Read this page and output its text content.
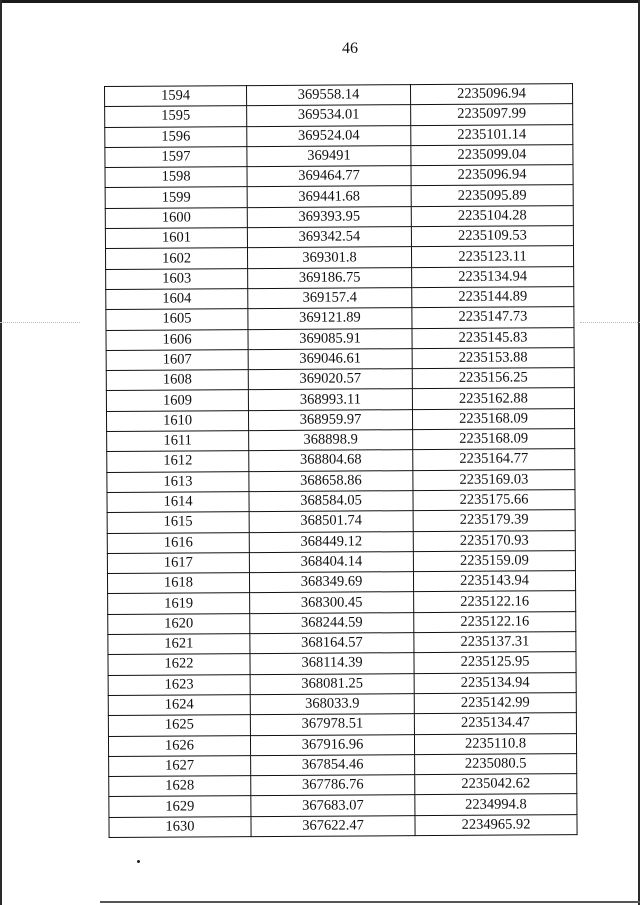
46
1594	369558.14	2235096.94
1595	369534.01	2235097.99
1596	369524.04	2235101.14
1597	369491	2235099.04
1598	369464.77	2235096.94
1599	369441.68	2235095.89
1600	369393.95	2235104.28
1601	369342.54	2235109.53
1602	369301.8	2235123.11
1603	369186.75	2235134.94
1604	369157.4	2235144.89
1605	369121.89	2235147.73
1606	369085.91	2235145.83
1607	369046.61	2235153.88
1608	369020.57	2235156.25
1609	368993.11	2235162.88
1610	368959.97	2235168.09
1611	368898.9	2235168.09
1612	368804.68	2235164.77
1613	368658.86	2235169.03
1614	368584.05	2235175.66
1615	368501.74	2235179.39
1616	368449.12	2235170.93
1617	368404.14	2235159.09
1618	368349.69	2235143.94
1619	368300.45	2235122.16
1620	368244.59	2235122.16
1621	368164.57	2235137.31
1622	368114.39	2235125.95
1623	368081.25	2235134.94
1624	368033.9	2235142.99
1625	367978.51	2235134.47
1626	367916.96	2235110.8
1627	367854.46	2235080.5
1628	367786.76	2235042.62
1629	367683.07	2234994.8
1630	367622.47	2234965.92
